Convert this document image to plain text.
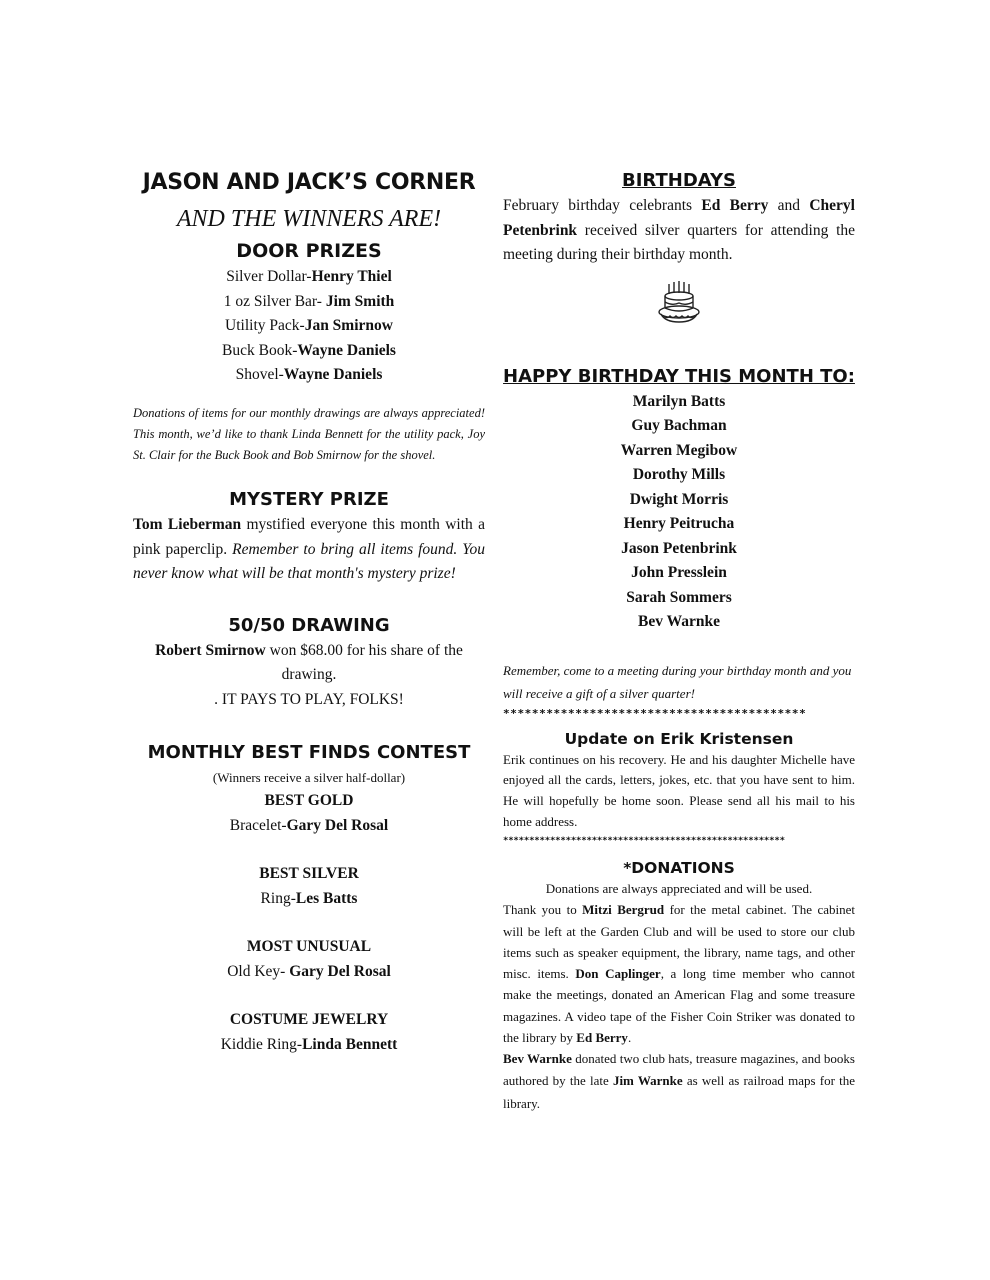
JASON AND JACK’S CORNER

AND THE WINNERS ARE!

DOOR PRIZES
Silver Dollar-Henry Thiel
1 oz Silver Bar- Jim Smith
Utility Pack-Jan Smirnow
Buck Book-Wayne Daniels
Shovel-Wayne Daniels
Donations of items for our monthly drawings are always appreciated! This month, we’d like to thank Linda Bennett for the utility pack, Joy St. Clair for the Buck Book and Bob Smirnow for the shovel.
MYSTERY PRIZE
Tom Lieberman mystified everyone this month with a pink paperclip. Remember to bring all items found. You never know what will be that month's mystery prize!
50/50 DRAWING
Robert Smirnow won $68.00 for his share of the drawing.
. IT PAYS TO PLAY, FOLKS!
MONTHLY BEST FINDS CONTEST
(Winners receive a silver half-dollar)
BEST GOLD
Bracelet-Gary Del Rosal
BEST SILVER
Ring-Les Batts
MOST UNUSUAL
Old Key- Gary Del Rosal
COSTUME JEWELRY
Kiddie Ring-Linda Bennett
BIRTHDAYS
February birthday celebrants Ed Berry and Cheryl Petenbrink received silver quarters for attending the meeting during their birthday month.
HAPPY BIRTHDAY THIS MONTH TO:
Marilyn Batts
Guy Bachman
Warren Megibow
Dorothy Mills
Dwight Morris
Henry Peitrucha
Jason Petenbrink
John Presslein
Sarah Sommers
Bev Warnke
Remember, come to a meeting during your birthday month and you will receive a gift of a silver quarter!
******************************************
Update on Erik Kristensen
Erik continues on his recovery. He and his daughter Michelle have enjoyed all the cards, letters, jokes, etc. that you have sent to him. He will hopefully be home soon. Please send all his mail to his home address.
******************************************************
*DONATIONS
Donations are always appreciated and will be used.
Thank you to Mitzi Bergrud for the metal cabinet. The cabinet will be left at the Garden Club and will be used to store our club items such as speaker equipment, the library, name tags, and other misc. items. Don Caplinger, a long time member who cannot make the meetings, donated an American Flag and some treasure magazines. A video tape of the Fisher Coin Striker was donated to the library by Ed Berry.
Bev Warnke donated two club hats, treasure magazines, and books authored by the late Jim Warnke as well as railroad maps for the library.
